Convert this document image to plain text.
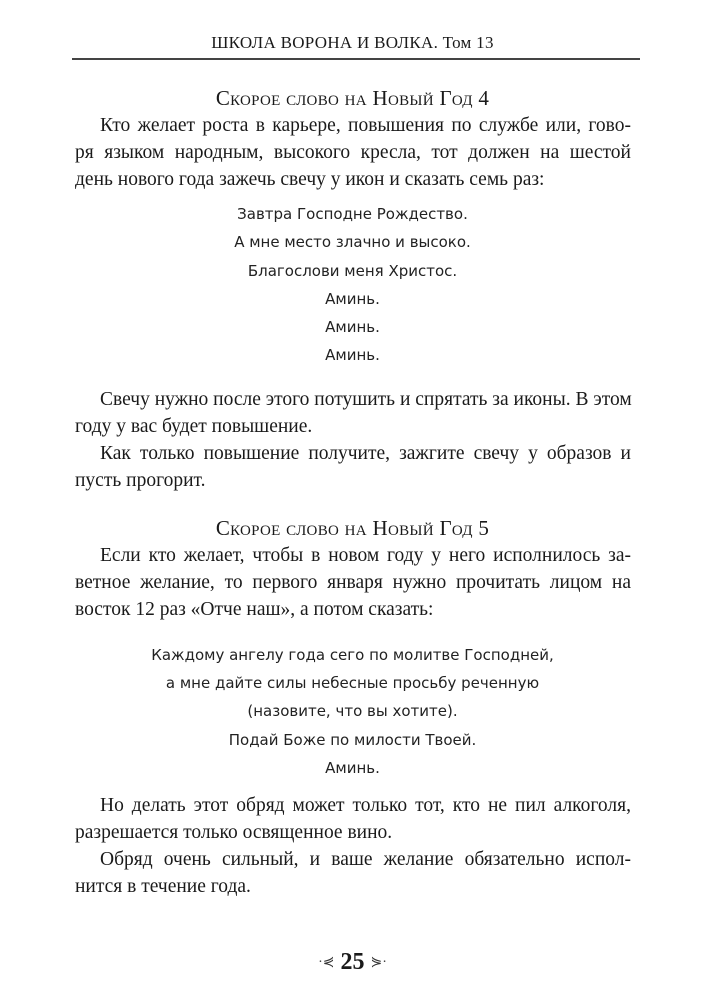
ШКОЛА ВОРОНА И ВОЛКА. Том 13
Скорое слово на Новый Год 4
Кто желает роста в карьере, повышения по службе или, гово-
ря языком народным, высокого кресла, тот должен на шестой
день нового года зажечь свечу у икон и сказать семь раз:
Завтра Господне Рождество.
А мне место злачно и высоко.
Благослови меня Христос.
Аминь.
Аминь.
Аминь.
Свечу нужно после этого потушить и спрятать за иконы. В этом
году у вас будет повышение.
Как только повышение получите, зажгите свечу у образов и
пусть прогорит.
Скорое слово на Новый Год 5
Если кто желает, чтобы в новом году у него исполнилось за-
ветное желание, то первого января нужно прочитать лицом на
восток 12 раз «Отче наш», а потом сказать:
Каждому ангелу года сего по молитве Господней,
а мне дайте силы небесные просьбу реченную
(назовите, что вы хотите).
Подай Боже по милости Твоей.
Аминь.
Но делать этот обряд может только тот, кто не пил алкоголя,
разрешается только освященное вино.
Обряд очень сильный, и ваше желание обязательно испол-
нится в течение года.
·⋞ 25 ⋟·
